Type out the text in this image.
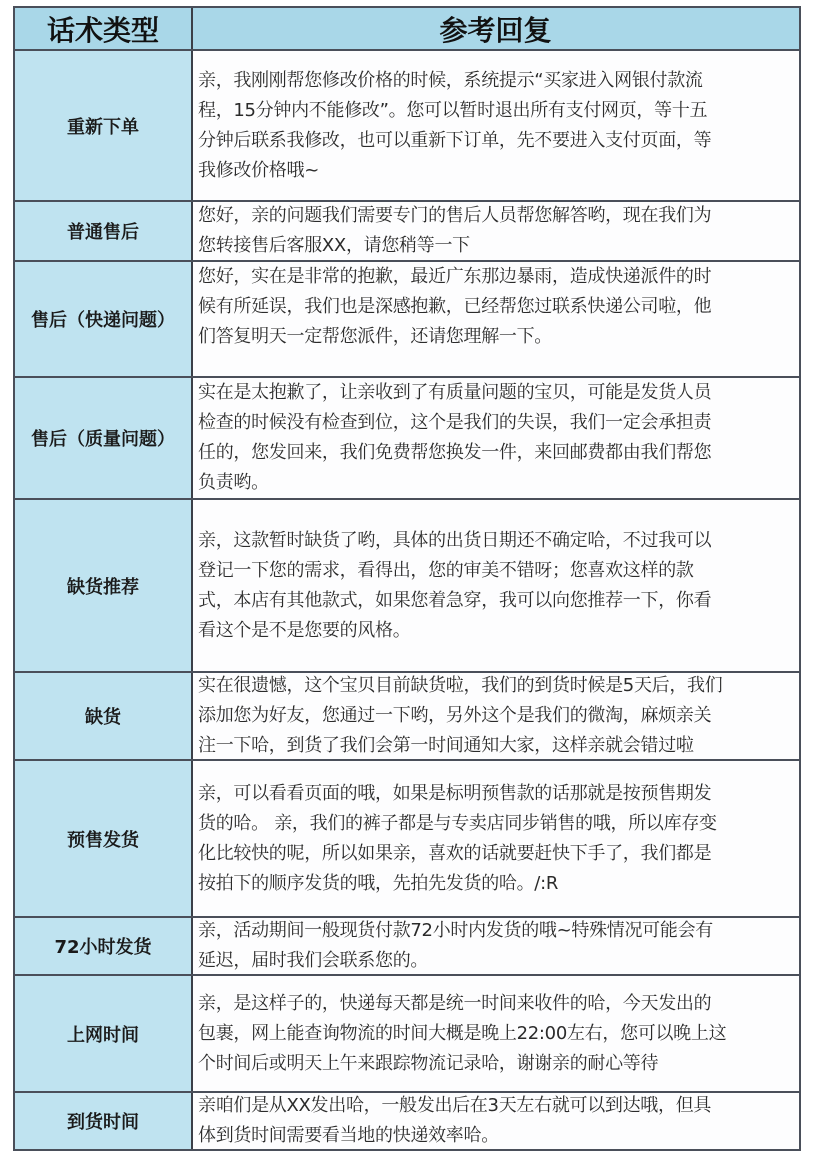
话术类型	参考回复
重新下单
亲，我刚刚帮您修改价格的时候，系统提示“买家进入网银付款流
程，15分钟内不能修改”。您可以暂时退出所有支付网页，等十五
分钟后联系我修改，也可以重新下订单，先不要进入支付页面，等
我修改价格哦~
普通售后
您好，亲的问题我们需要专门的售后人员帮您解答哟，现在我们为
您转接售后客服XX，请您稍等一下
售后（快递问题）
您好，实在是非常的抱歉，最近广东那边暴雨，造成快递派件的时
候有所延误，我们也是深感抱歉，已经帮您过联系快递公司啦，他
们答复明天一定帮您派件，还请您理解一下。
售后（质量问题）
实在是太抱歉了，让亲收到了有质量问题的宝贝，可能是发货人员
检查的时候没有检查到位，这个是我们的失误，我们一定会承担责
任的，您发回来，我们免费帮您换发一件，来回邮费都由我们帮您
负责哟。
缺货推荐
亲，这款暂时缺货了哟，具体的出货日期还不确定哈，不过我可以
登记一下您的需求，看得出，您的审美不错呀；您喜欢这样的款
式，本店有其他款式，如果您着急穿，我可以向您推荐一下，你看
看这个是不是您要的风格。
缺货
实在很遗憾，这个宝贝目前缺货啦，我们的到货时候是5天后，我们
添加您为好友，您通过一下哟，另外这个是我们的微淘，麻烦亲关
注一下哈，到货了我们会第一时间通知大家，这样亲就会错过啦
预售发货
亲，可以看看页面的哦，如果是标明预售款的话那就是按预售期发
货的哈。 亲，我们的裤子都是与专卖店同步销售的哦，所以库存变
化比较快的呢，所以如果亲，喜欢的话就要赶快下手了，我们都是
按拍下的顺序发货的哦，先拍先发货的哈。/:R
72小时发货
亲，活动期间一般现货付款72小时内发货的哦~特殊情况可能会有
延迟，届时我们会联系您的。
上网时间
亲，是这样子的，快递每天都是统一时间来收件的哈，今天发出的
包裹，网上能查询物流的时间大概是晚上22:00左右，您可以晚上这
个时间后或明天上午来跟踪物流记录哈，谢谢亲的耐心等待
到货时间
亲咱们是从XX发出哈，一般发出后在3天左右就可以到达哦，但具
体到货时间需要看当地的快递效率哈。
